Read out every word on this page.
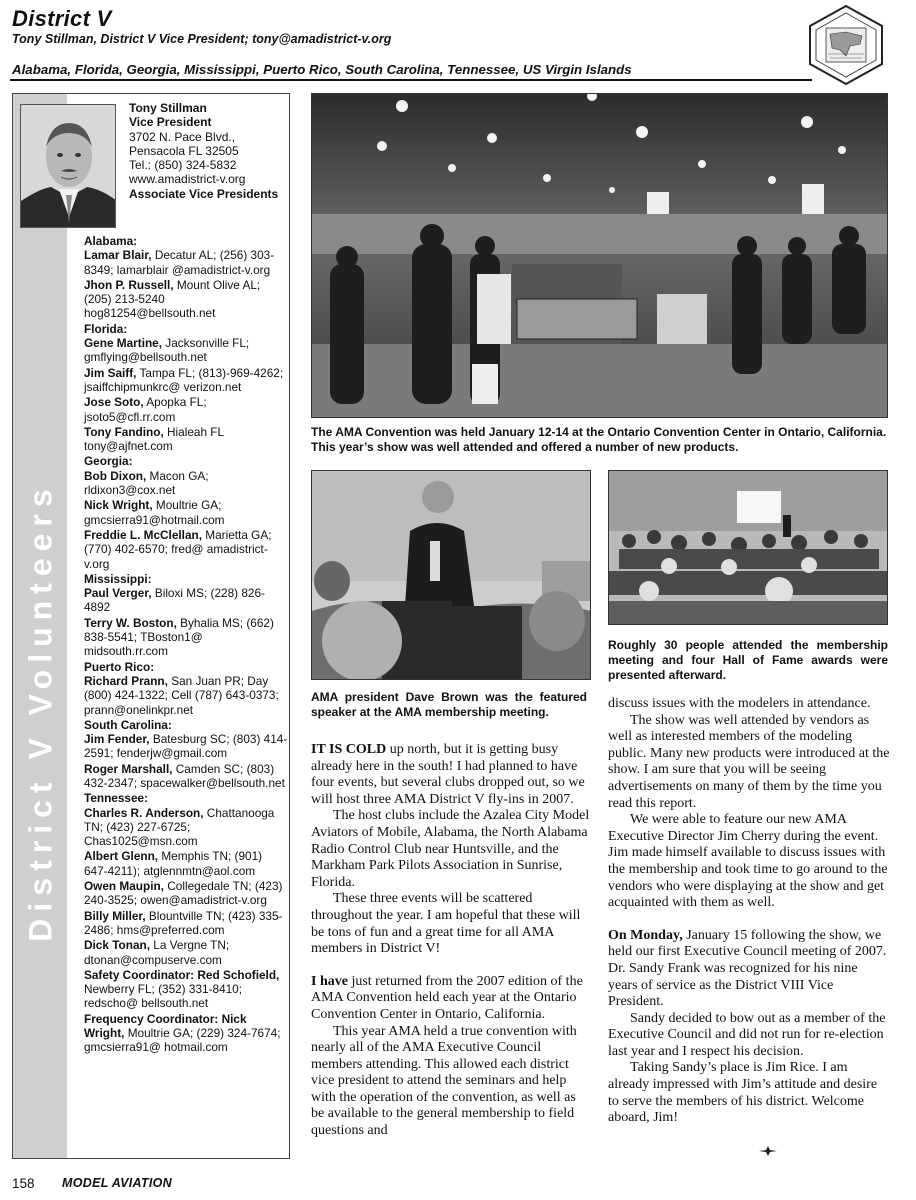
District V
Tony Stillman, District V Vice President; tony@amadistrict-v.org
Alabama, Florida, Georgia, Mississippi, Puerto Rico, South Carolina, Tennessee, US Virgin Islands
District V Volunteers
Tony Stillman
Vice President
3702 N. Pace Blvd.,
Pensacola FL 32505
Tel.: (850) 324-5832
www.amadistrict-v.org
Associate Vice Presidents
Alabama:
Lamar Blair, Decatur AL; (256) 303-8349; lamarblair @amadistrict-v.org
Jhon P. Russell, Mount Olive AL; (205) 213-5240 hog81254@bellsouth.net
Florida:
Gene Martine, Jacksonville FL; gmflying@bellsouth.net
Jim Saiff, Tampa FL; (813)-969-4262; jsaiffchipmunkrc@ verizon.net
Jose Soto, Apopka FL; jsoto5@cfl.rr.com
Tony Fandino, Hialeah FL tony@ajfnet.com
Georgia:
Bob Dixon, Macon GA; rldixon3@cox.net
Nick Wright, Moultrie GA; gmcsierra91@hotmail.com
Freddie L. McClellan, Marietta GA; (770) 402-6570; fred@ amadistrict-v.org
Mississippi:
Paul Verger, Biloxi MS; (228) 826-4892
Terry W. Boston, Byhalia MS; (662) 838-5541; TBoston1@ midsouth.rr.com
Puerto Rico:
Richard Prann, San Juan PR; Day (800) 424-1322; Cell (787) 643-0373; prann@onelinkpr.net
South Carolina:
Jim Fender, Batesburg SC; (803) 414-2591; fenderjw@gmail.com
Roger Marshall, Camden SC; (803) 432-2347; spacewalker@bellsouth.net
Tennessee:
Charles R. Anderson, Chattanooga TN; (423) 227-6725; Chas1025@msn.com
Albert Glenn, Memphis TN; (901) 647-4211); atglennmtn@aol.com
Owen Maupin, Collegedale TN; (423) 240-3525; owen@amadistrict-v.org
Billy Miller, Blountville TN; (423) 335-2486; hms@preferred.com
Dick Tonan, La Vergne TN; dtonan@compuserve.com
Safety Coordinator: Red Schofield, Newberry FL; (352) 331-8410; redscho@ bellsouth.net
Frequency Coordinator: Nick Wright, Moultrie GA; (229) 324-7674; gmcsierra91@ hotmail.com
The AMA Convention was held January 12-14 at the Ontario Convention Center in Ontario, California. This year’s show was well attended and offered a number of new products.
AMA president Dave Brown was the featured speaker at the AMA membership meeting.
Roughly 30 people attended the membership meeting and four Hall of Fame awards were presented afterward.

IT IS COLD up north, but it is getting busy already here in the south! I had planned to have four events, but several clubs dropped out, so we will host three AMA District V fly-ins in 2007.

The host clubs include the Azalea City Model Aviators of Mobile, Alabama, the North Alabama Radio Control Club near Huntsville, and the Markham Park Pilots Association in Sunrise, Florida.

These three events will be scattered throughout the year. I am hopeful that these will be tons of fun and a great time for all AMA members in District V!

I have just returned from the 2007 edition of the AMA Convention held each year at the Ontario Convention Center in Ontario, California.

This year AMA held a true convention with nearly all of the AMA Executive Council members attending. This allowed each district vice president to attend the seminars and help with the operation of the convention, as well as be available to the general membership to field questions and

discuss issues with the modelers in attendance.

The show was well attended by vendors as well as interested members of the modeling public. Many new products were introduced at the show. I am sure that you will be seeing advertisements on many of them by the time you read this report.

We were able to feature our new AMA Executive Director Jim Cherry during the event. Jim made himself available to discuss issues with the membership and took time to go around to the vendors who were displaying at the show and get acquainted with them as well.

On Monday, January 15 following the show, we held our first Executive Council meeting of 2007. Dr. Sandy Frank was recognized for his nine years of service as the District VIII Vice President.

Sandy decided to bow out as a member of the Executive Council and did not run for re-election last year and I respect his decision.

Taking Sandy’s place is Jim Rice. I am already impressed with Jim’s attitude and desire to serve the members of his district. Welcome aboard, Jim!

158 MODEL AVIATION
